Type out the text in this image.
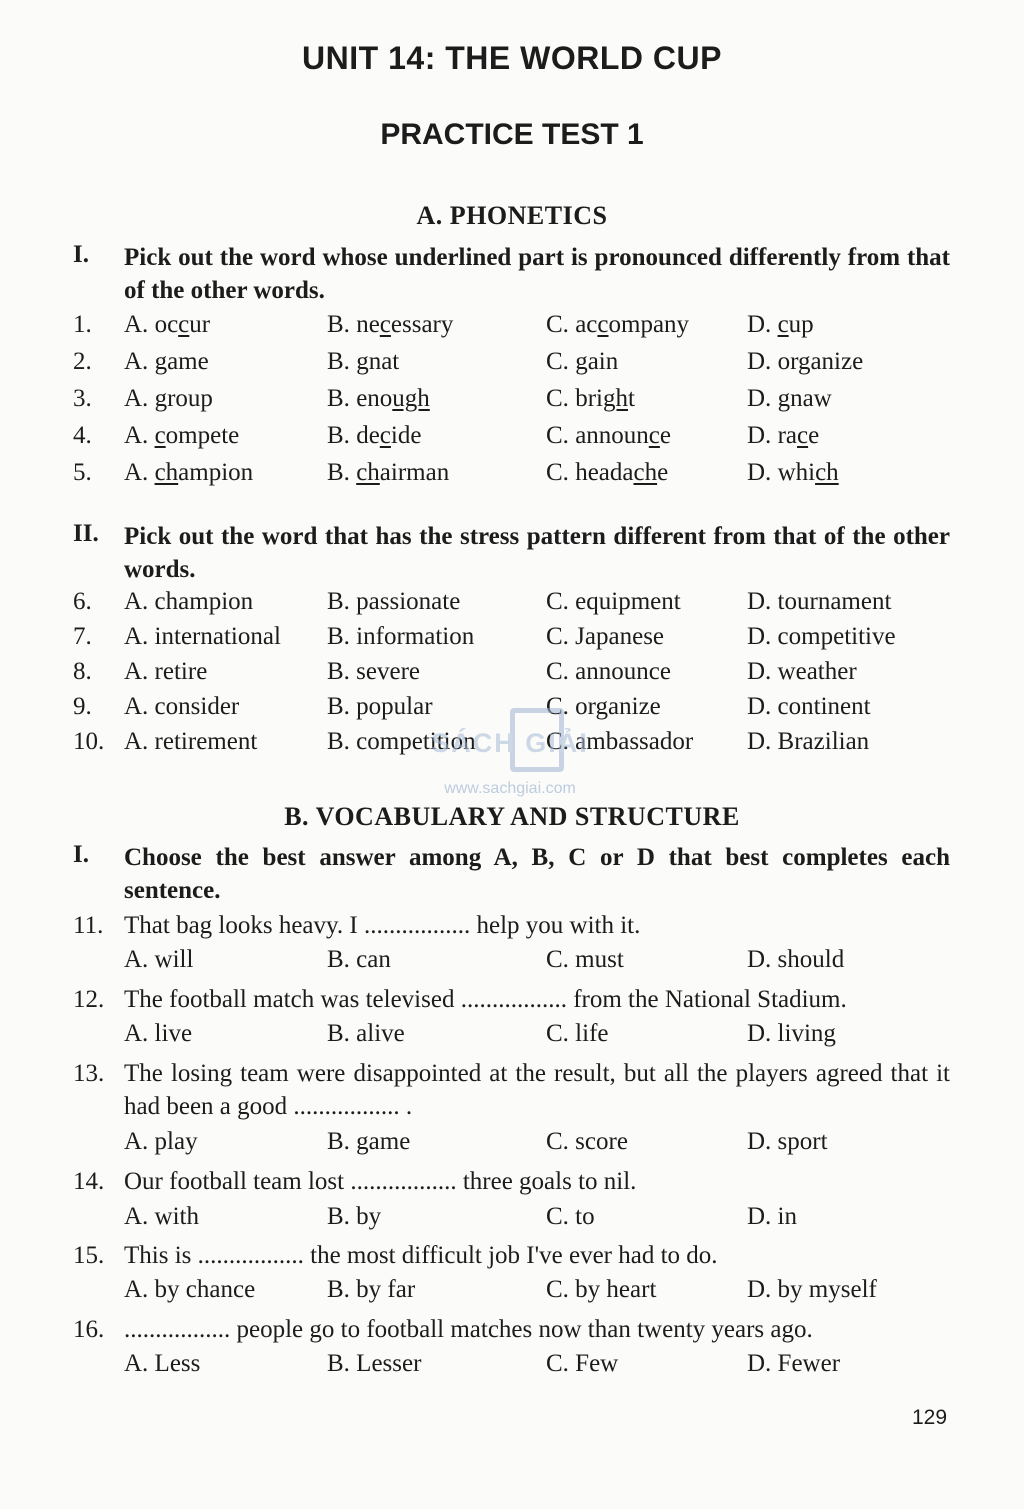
UNIT 14: THE WORLD CUP
PRACTICE TEST 1
A. PHONETICS
I. Pick out the word whose underlined part is pronounced differently from that of the other words.
1. A. occur	B. necessary	C. accompany D. cup
2. A. game	B. gnat	C. gain	D. organize
3. A. group	B. enough	C. bright	D. gnaw
4. A. compete	B. decide	C. announce	D. race
5. A. champion	B. chairman	C. headache	D. which
II. Pick out the word that has the stress pattern different from that of the other words.
6. A. champion	B. passionate	C. equipment	D. tournament
7. A. international B. information	C. Japanese	D. competitive
8. A. retire	B. severe	C. announce	D. weather
9. A. consider	B. popular	C. organize	D. continent
10. A. retirement	B. competition	C. ambassador D. Brazilian
SÁCH GIẢI
www.sachgiai.com
B. VOCABULARY AND STRUCTURE
I. Choose the best answer among A, B, C or D that best completes each sentence.
11. That bag looks heavy. I ................. help you with it.
A. will	B. can	C. must	D. should
12. The football match was televised ................. from the National Stadium.
A. live	B. alive	C. life	D. living
13. The losing team were disappointed at the result, but all the players agreed that it had been a good ................. .
A. play	B. game	C. score	D. sport
14. Our football team lost ................. three goals to nil.
A. with	B. by	C. to	D. in
15. This is ................. the most difficult job I've ever had to do.
A. by chance	B. by far	C. by heart	D. by myself
16. ................. people go to football matches now than twenty years ago.
A. Less	B. Lesser	C. Few	D. Fewer
129
